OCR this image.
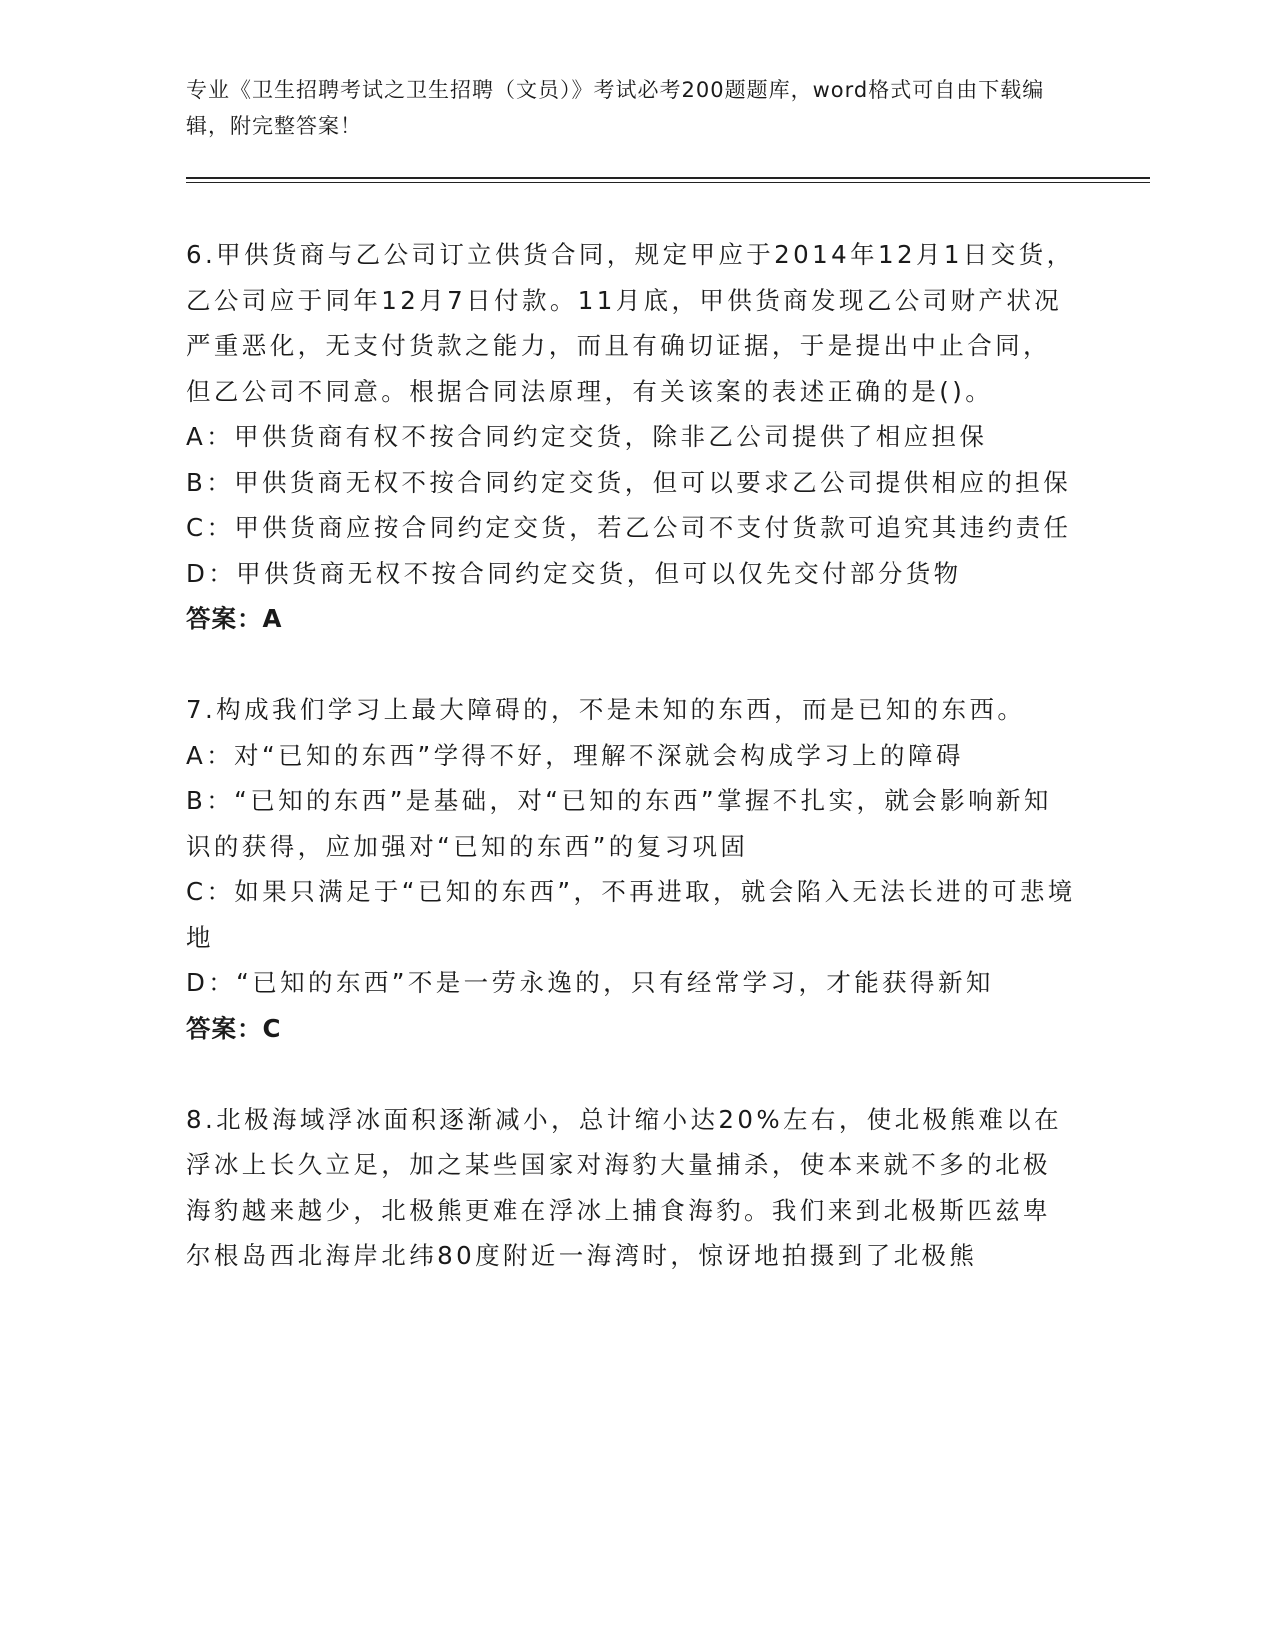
专业《卫生招聘考试之卫生招聘（文员）》考试必考200题题库，word格式可自由下载编辑，附完整答案！

6.甲供货商与乙公司订立供货合同，规定甲应于2014年12月1日交货，乙公司应于同年12月7日付款。11月底，甲供货商发现乙公司财产状况严重恶化，无支付货款之能力，而且有确切证据，于是提出中止合同，但乙公司不同意。根据合同法原理，有关该案的表述正确的是()。

A：甲供货商有权不按合同约定交货，除非乙公司提供了相应担保

B：甲供货商无权不按合同约定交货，但可以要求乙公司提供相应的担保

C：甲供货商应按合同约定交货，若乙公司不支付货款可追究其违约责任

D：甲供货商无权不按合同约定交货，但可以仅先交付部分货物

答案：A

7.构成我们学习上最大障碍的，不是未知的东西，而是已知的东西。

A：对“已知的东西”学得不好，理解不深就会构成学习上的障碍

B：“已知的东西”是基础，对“已知的东西”掌握不扎实，就会影响新知识的获得，应加强对“已知的东西”的复习巩固

C：如果只满足于“已知的东西”，不再进取，就会陷入无法长进的可悲境地

D：“已知的东西”不是一劳永逸的，只有经常学习，才能获得新知

答案：C

8.北极海域浮冰面积逐渐减小，总计缩小达20%左右，使北极熊难以在浮冰上长久立足，加之某些国家对海豹大量捕杀，使本来就不多的北极海豹越来越少，北极熊更难在浮冰上捕食海豹。我们来到北极斯匹兹卑尔根岛西北海岸北纬80度附近一海湾时，惊讶地拍摄到了北极熊
